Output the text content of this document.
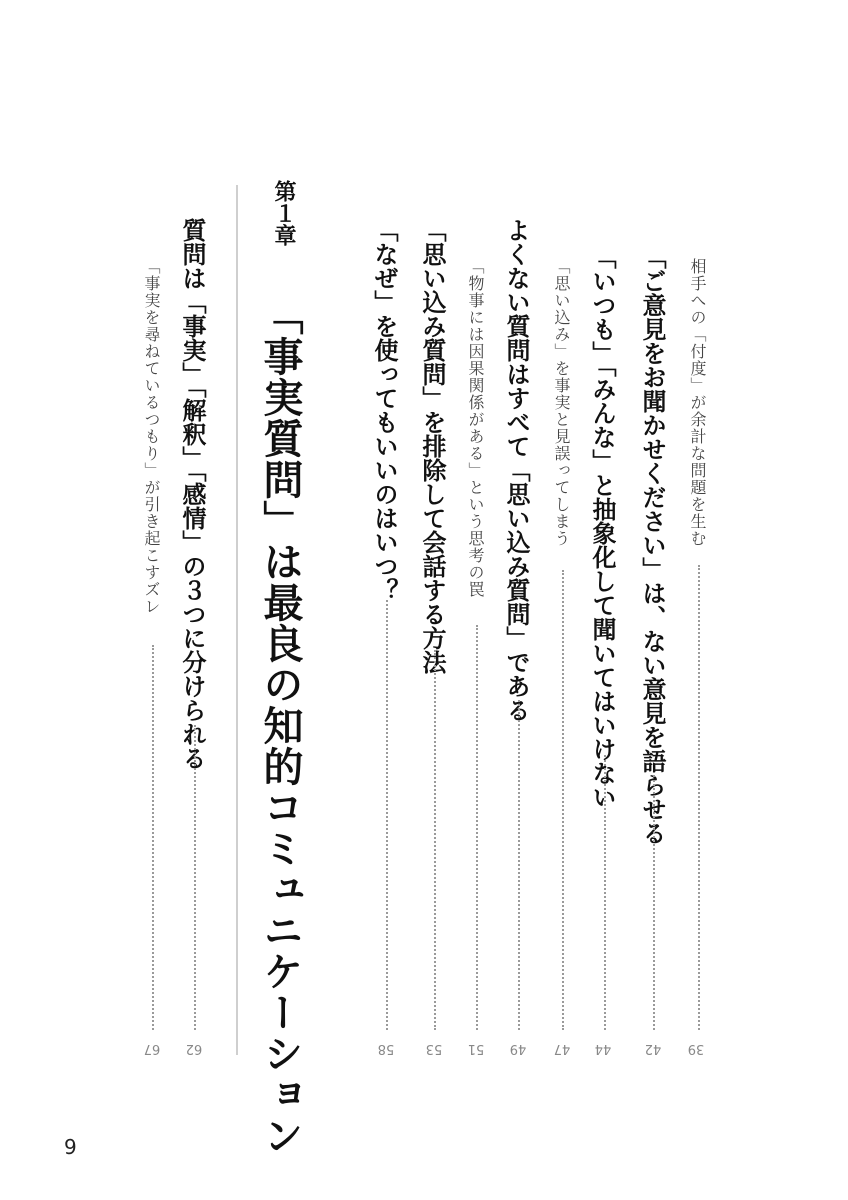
相手への「付度」が余計な問題を生む
39
「ご意見をお聞かせください」は、ない意見を語らせる
42
「いつも」「みんな」と抽象化して聞いてはいけない
44
「思い込み」を事実と見誤ってしまう
47
よくない質問はすべて「思い込み質問」である
49
「物事には因果関係がある」という思考の罠
51
「思い込み質問」を排除して会話する方法
53
「なぜ」を使ってもいいのはいつ？
58
第１章
「事実質問」は最良の知的コミュニケーション
質問は「事実」「解釈」「感情」の３つに分けられる
62
「事実を尋ねているつもり」が引き起こすズレ
67
9
